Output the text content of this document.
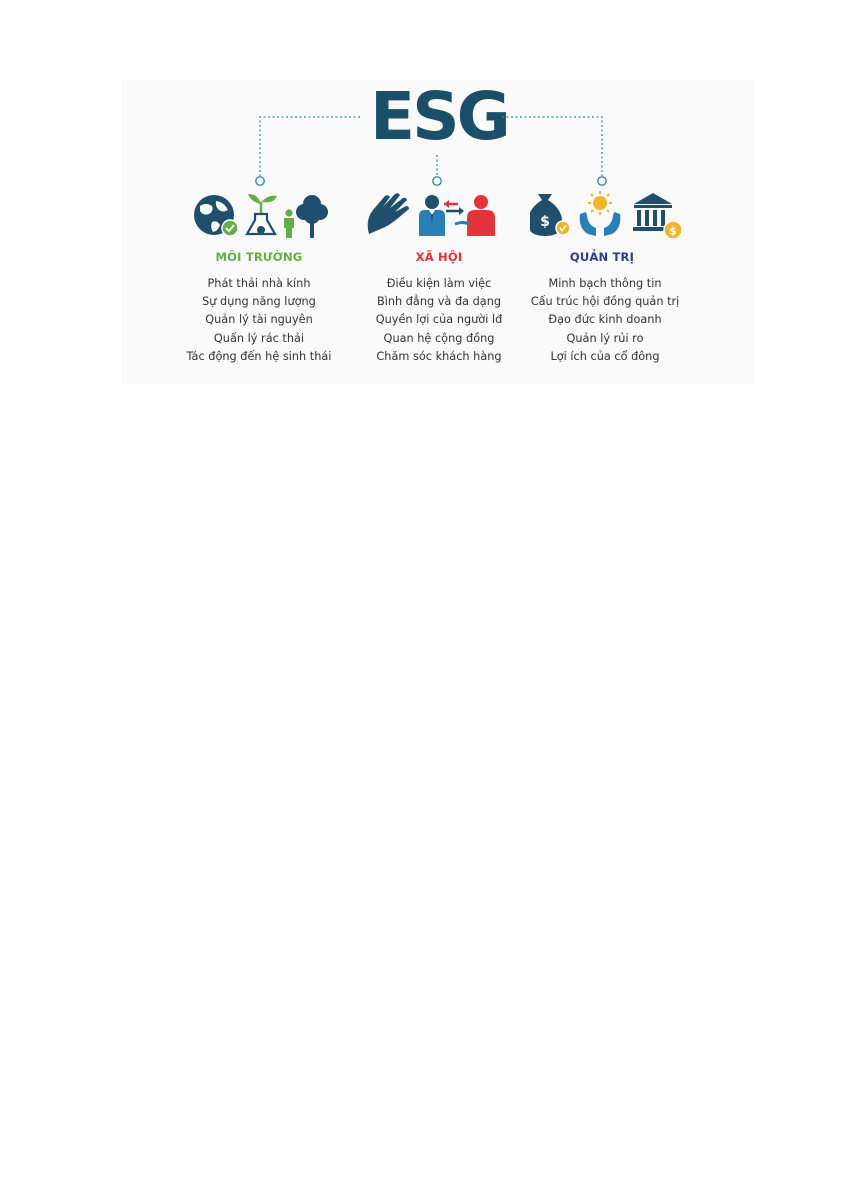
ESG
$
$
MÔI TRƯỜNG	XÃ HỘI	QUẢN TRỊ
Phát thải nhà kính
Sự dụng năng lượng
Quản lý tài nguyên
Quấn lý rác thải
Tác động đến hệ sinh thái
Điều kiện làm việc
Bình đẳng và đa dạng
Quyền lợi của người lđ
Quan hệ cộng đồng
Chăm sóc khách hàng
Minh bạch thông tin
Cấu trúc hội đồng quản trị
Đạo đức kinh doanh
Quản lý rủi ro
Lợi ích của cổ đông
